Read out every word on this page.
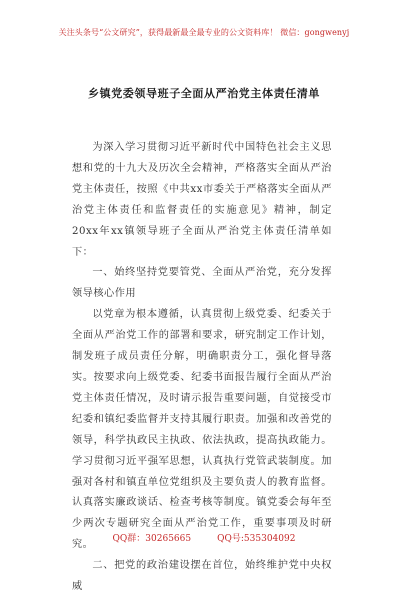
关注头条号“公文研究”，获得最新最全最专业的公文资料库！ 微信：gongwenyj
乡镇党委领导班子全面从严治党主体责任清单

为深入学习贯彻习近平新时代中国特色社会主义思想和党的十九大及历次全会精神，严格落实全面从严治党主体责任，按照《中共xx市委关于严格落实全面从严治党主体责任和监督责任的实施意见》精神，制定20xx年xx镇领导班子全面从严治党主体责任清单如下：

一、始终坚持党要管党、全面从严治党，充分发挥领导核心作用

以党章为根本遵循，认真贯彻上级党委、纪委关于全面从严治党工作的部署和要求，研究制定工作计划，制发班子成员责任分解，明确职责分工，强化督导落实。按要求向上级党委、纪委书面报告履行全面从严治党主体责任情况，及时请示报告重要问题，自觉接受市纪委和镇纪委监督并支持其履行职责。加强和改善党的领导，科学执政民主执政、依法执政，提高执政能力。学习贯彻习近平强军思想，认真执行党管武装制度。加强对各村和镇直单位党组织及主要负责人的教育监督。认真落实廉政谈话、检查考核等制度。镇党委会每年至少两次专题研究全面从严治党工作，重要事项及时研究。

二、把党的政治建设摆在首位，始终维护党中央权威

QQ群：30265665	QQ号:535304092
